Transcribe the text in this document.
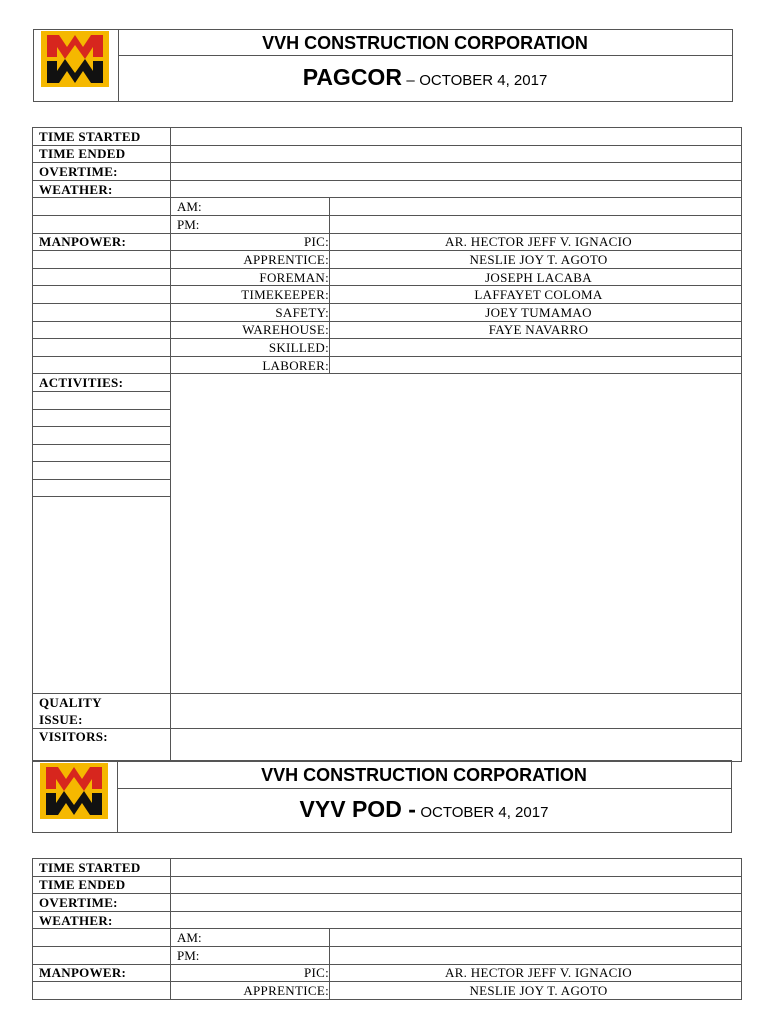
VVH CONSTRUCTION CORPORATION
PAGCOR – OCTOBER 4, 2017
TIME STARTED		
TIME ENDED		
OVERTIME:		
WEATHER:		
	AM:	
	PM:	
MANPOWER:	PIC:	AR. HECTOR JEFF V. IGNACIO
	APPRENTICE:	NESLIE JOY T. AGOTO
	FOREMAN:	JOSEPH LACABA
	TIMEKEEPER:	LAFFAYET COLOMA
	SAFETY:	JOEY TUMAMAO
	WAREHOUSE:	FAYE NAVARRO
	SKILLED:	
	LABORER:	
ACTIVITIES:		

QUALITY
ISSUE:		
VISITORS:		
VVH CONSTRUCTION CORPORATION
VYV POD - OCTOBER 4, 2017
TIME STARTED		
TIME ENDED		
OVERTIME:		
WEATHER:		
	AM:	
	PM:	
MANPOWER:	PIC:	AR. HECTOR JEFF V. IGNACIO
	APPRENTICE:	NESLIE JOY T. AGOTO
